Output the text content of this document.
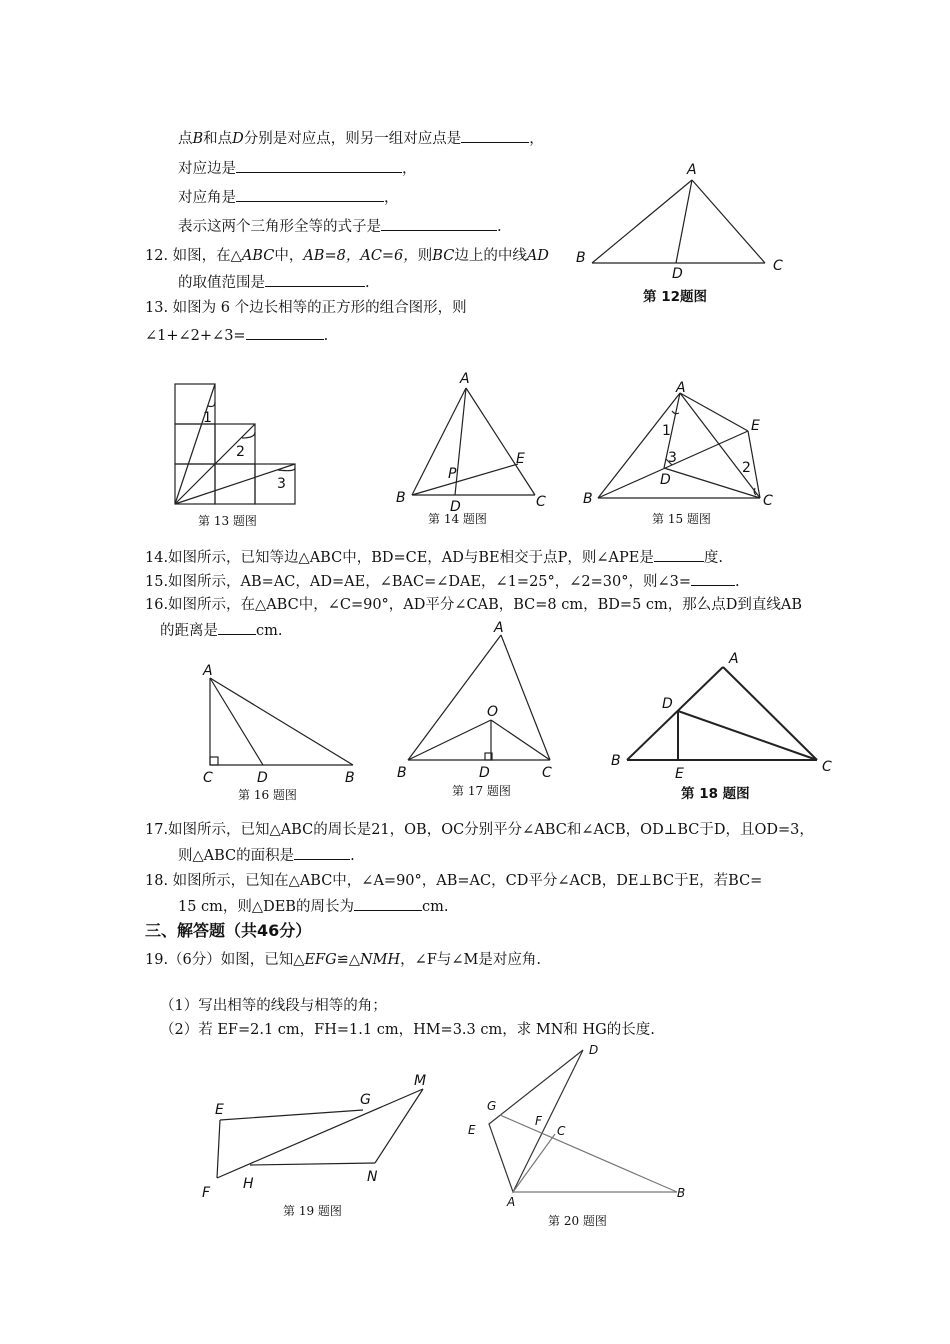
点B和点D分别是对应点，则另一组对应点是	，
对应边是	，
对应角是	，
表示这两个三角形全等的式子是	.
12. 如图，在△ABC中，AB=8，AC=6，则BC边上的中线AD
的取值范围是	.
A
B	C
D
第 12题图
13. 如图为 6 个边长相等的正方形的组合图形，则
∠1+∠2+∠3=	.
1
2
3
第 13 题图
A
B	C
D
E
P
第 14 题图
A
B	C
D
E
1
2
3
第 15 题图
14.如图所示，已知等边△ABC中，BD=CE，AD与BE相交于点P，则∠APE是	度.
15.如图所示，AB=AC，AD=AE，∠BAC=∠DAE，∠1=25°，∠2=30°，则∠3=	.
16.如图所示，在△ABC中，∠C=90°，AD平分∠CAB，BC=8 cm，BD=5 cm，那么点D到直线AB
的距离是	cm.
A
C	D	B
第 16 题图
A
O
B	D	C
第 17 题图
A
D
B
E	C
第 18 题图
17.如图所示，已知△ABC的周长是21，OB，OC分别平分∠ABC和∠ACB，OD⊥BC于D，且OD=3，
则△ABC的面积是	.
18. 如图所示，已知在△ABC中，∠A=90°，AB=AC，CD平分∠ACB，DE⊥BC于E，若BC=
15 cm，则△DEB的周长为	cm.
三、解答题（共46分）
19.（6分）如图，已知△EFG≌△NMH，∠F与∠M是对应角.
（1）写出相等的线段与相等的角；
（2）若 EF=2.1 cm，FH=1.1 cm，HM=3.3 cm，求 MN和 HG的长度.
E
F
G
H
M
N
第 19 题图
D
G
F
C
E
A
B
第 20 题图
